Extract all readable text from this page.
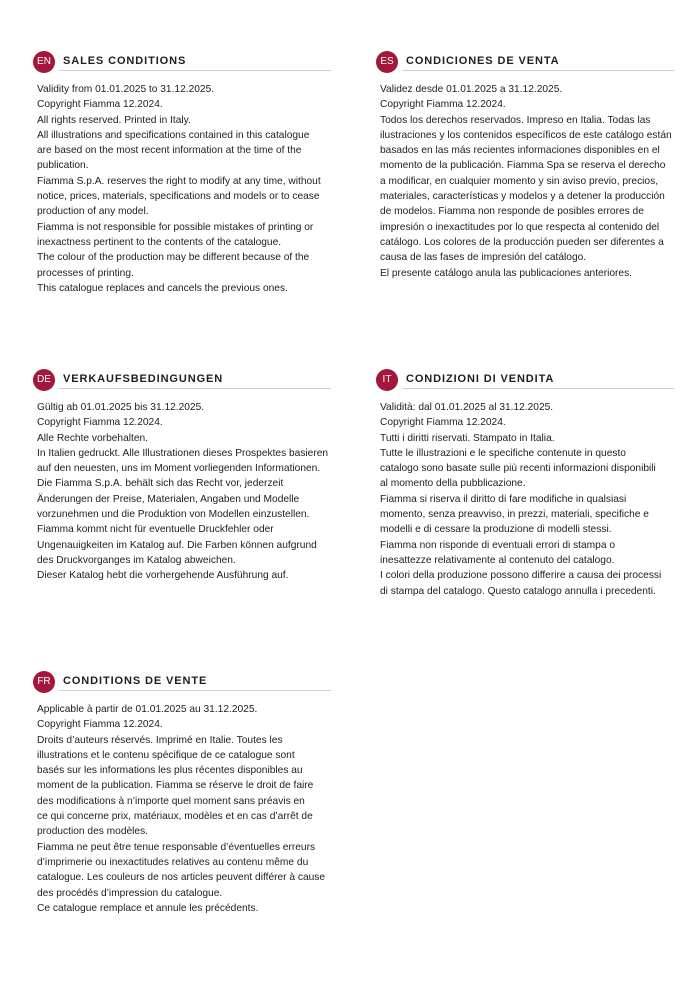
EN	SALES CONDITIONS
Validity from 01.01.2025 to 31.12.2025.
Copyright Fiamma 12.2024.
All rights reserved. Printed in Italy.
All illustrations and specifications contained in this catalogue
are based on the most recent information at the time of the
publication.
Fiamma S.p.A. reserves the right to modify at any time, without
notice, prices, materials, specifications and models or to cease
production of any model.
Fiamma is not responsible for possible mistakes of printing or
inexactness pertinent to the contents of the catalogue.
The colour of the production may be different because of the
processes of printing.
This catalogue replaces and cancels the previous ones.
ES	CONDICIONES DE VENTA
Validez desde 01.01.2025 a 31.12.2025.
Copyright Fiamma 12.2024.
Todos los derechos reservados. Impreso en Italia. Todas las
ilustraciones y los contenidos específicos de este catálogo están
basados en las más recientes informaciones disponibles en el
momento de la publicación. Fiamma Spa se reserva el derecho
a modificar, en cualquier momento y sin aviso previo, precios,
materiales, características y modelos y a detener la producción
de modelos. Fiamma non responde de posibles errores de
impresión o inexactitudes por lo que respecta al contenido del
catálogo. Los colores de la producción pueden ser diferentes a
causa de las fases de impresión del catálogo.
El presente catálogo anula las publicaciones anteriores.
DE	VERKAUFSBEDINGUNGEN
Gültig ab 01.01.2025 bis 31.12.2025.
Copyright Fiamma 12.2024.
Alle Rechte vorbehalten.
In Italien gedruckt. Alle Illustrationen dieses Prospektes basieren
auf den neuesten, uns im Moment vorliegenden Informationen.
Die Fiamma S.p.A. behält sich das Recht vor, jederzeit
Änderungen der Preise, Materialen, Angaben und Modelle
vorzunehmen und die Produktion von Modellen einzustellen.
Fiamma kommt nicht für eventuelle Druckfehler oder
Ungenauigkeiten im Katalog auf. Die Farben können aufgrund
des Druckvorganges im Katalog abweichen.
Dieser Katalog hebt die vorhergehende Ausführung auf.
IT	CONDIZIONI DI VENDITA
Validità: dal 01.01.2025 al 31.12.2025.
Copyright Fiamma 12.2024.
Tutti i diritti riservati. Stampato in Italia.
Tutte le illustrazioni e le specifiche contenute in questo
catalogo sono basate sulle più recenti informazioni disponibili
al momento della pubblicazione.
Fiamma si riserva il diritto di fare modifiche in qualsiasi
momento, senza preavviso, in prezzi, materiali, specifiche e
modelli e di cessare la produzione di modelli stessi.
Fiamma non risponde di eventuali errori di stampa o
inesattezze relativamente al contenuto del catalogo.
I colori della produzione possono differire a causa dei processi
di stampa del catalogo. Questo catalogo annulla i precedenti.
FR	CONDITIONS DE VENTE
Applicable à partir de 01.01.2025 au 31.12.2025.
Copyright Fiamma 12.2024.
Droits d’auteurs réservés. Imprimé en Italie. Toutes les
illustrations et le contenu spécifique de ce catalogue sont
basés sur les informations les plus récentes disponibles au
moment de la publication. Fiamma se réserve le droit de faire
des modifications à n’importe quel moment sans préavis en
ce qui concerne prix, matériaux, modèles et en cas d’arrêt de
production des modèles.
Fiamma ne peut être tenue responsable d’éventuelles erreurs
d’imprimerie ou inexactitudes relatives au contenu même du
catalogue. Les couleurs de nos articles peuvent différer à cause
des procédés d’impression du catalogue.
Ce catalogue remplace et annule les précédents.
